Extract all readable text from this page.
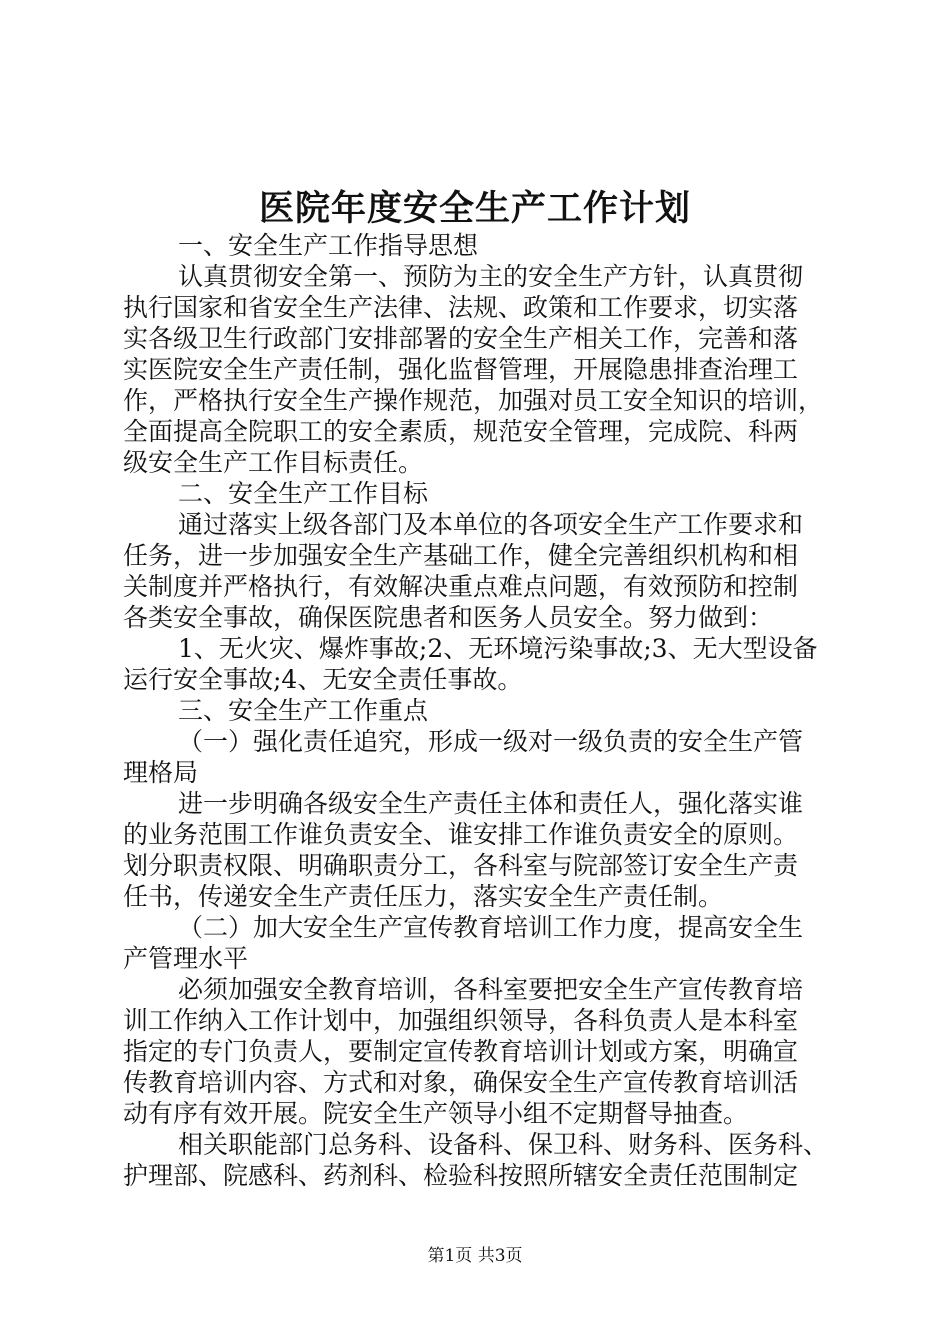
医院年度安全生产工作计划
一、安全生产工作指导思想
认真贯彻安全第一、预防为主的安全生产方针，认真贯彻
执行国家和省安全生产法律、法规、政策和工作要求，切实落
实各级卫生行政部门安排部署的安全生产相关工作，完善和落
实医院安全生产责任制，强化监督管理，开展隐患排查治理工
作，严格执行安全生产操作规范，加强对员工安全知识的培训，
全面提高全院职工的安全素质，规范安全管理，完成院、科两
级安全生产工作目标责任。
二、安全生产工作目标
通过落实上级各部门及本单位的各项安全生产工作要求和
任务，进一步加强安全生产基础工作，健全完善组织机构和相
关制度并严格执行，有效解决重点难点问题，有效预防和控制
各类安全事故，确保医院患者和医务人员安全。努力做到：
1、无火灾、爆炸事故;2、无环境污染事故;3、无大型设备
运行安全事故;4、无安全责任事故。
三、安全生产工作重点
（一）强化责任追究，形成一级对一级负责的安全生产管
理格局
进一步明确各级安全生产责任主体和责任人，强化落实谁
的业务范围工作谁负责安全、谁安排工作谁负责安全的原则。
划分职责权限、明确职责分工，各科室与院部签订安全生产责
任书，传递安全生产责任压力，落实安全生产责任制。
（二）加大安全生产宣传教育培训工作力度，提高安全生
产管理水平
必须加强安全教育培训，各科室要把安全生产宣传教育培
训工作纳入工作计划中，加强组织领导，各科负责人是本科室
指定的专门负责人，要制定宣传教育培训计划或方案，明确宣
传教育培训内容、方式和对象，确保安全生产宣传教育培训活
动有序有效开展。院安全生产领导小组不定期督导抽查。
相关职能部门总务科、设备科、保卫科、财务科、医务科、
护理部、院感科、药剂科、检验科按照所辖安全责任范围制定
第1页 共3页
